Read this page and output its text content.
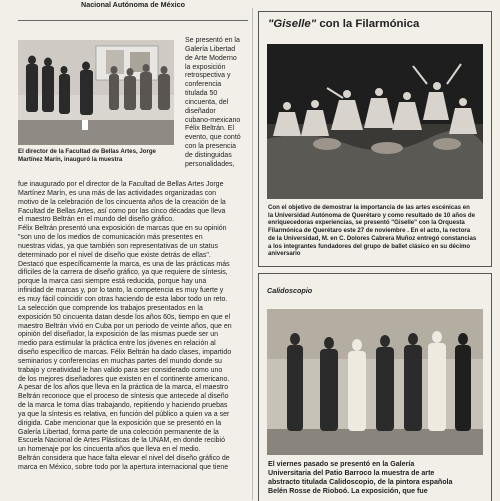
Nacional Autónoma de México
El director de la Facultad de Bellas Artes, Jorge Martínez Marín, inauguró la muestra
Se presentó en la
Galería Libertad
de Arte Moderno
la exposición
retrospectiva y
conferencia
titulada 50
cincuenta, del
diseñador
cubano-mexicano
Félix Beltrán. El
evento, que contó
con la presencia
de distinguidas
personalidades,
fue inaugurado por el director de la Facultad de Bellas Artes Jorge
Martínez Marín, es una más de las actividades organizadas con
motivo de la celebración de los cincuenta años de la creación de la
Facultad de Bellas Artes, así como por las cinco décadas que lleva
el maestro Beltrán en el mundo del diseño gráfico.
Félix Beltrán presentó una exposición de marcas que en su opinión
"son uno de los medios de comunicación más presentes en
nuestras vidas, ya que también son representativas de un status
determinado por el nivel de diseño que existe detrás de ellas".
Destacó que específicamente la marca, es una de las prácticas más
difíciles de la carrera de diseño gráfico, ya que requiere de síntesis,
porque la marca casi siempre está reducida, porque hay una
infinidad de marcas y, por lo tanto, la competencia es muy fuerte y
es muy fácil coincidir con otras haciendo de esta labor todo un reto.
La selección que comprende los trabajos presentados en la
exposición 50 cincuenta datan desde los años 60s, tiempo en que el
maestro Beltrán vivió en Cuba por un periodo de veinte años, que en
opinión del diseñador, la exposición de las mismas puede ser un
medio para estimular la práctica entre los jóvenes en relación al
diseño específico de marcas. Félix Beltrán ha dado clases, impartido
seminarios y conferencias en muchas partes del mundo donde su
trabajo y creatividad le han valido para ser considerado como uno
de los mejores diseñadores que existen en el continente americano.
A pesar de los años que lleva en la práctica de la marca, el maestro
Beltrán reconoce que el proceso de síntesis que antecede al diseño
de la marca le toma días trabajando, repitiendo y haciendo pruebas
ya que la síntesis es relativa, en función del público a quien va a ser
dirigida. Cabe mencionar que la exposición que se presentó en la
Galería Libertad, forma parte de una colección permanente de la
Escuela Nacional de Artes Plásticas de la UNAM, en donde recibió
un homenaje por los cincuenta años que lleva en el medio.
Beltrán considera que hace falta elevar el nivel del diseño gráfico de
marca en México, sobre todo por la apertura internacional que tiene
"Giselle" con la Filarmónica
Con el objetivo de demostrar la importancia de las artes escénicas en
la Universidad Autónoma de Querétaro y como resultado de 10 años de
enriquecedoras experiencias, se presentó "Giselle" con la Orquesta
Filarmónica de Querétaro este 27 de noviembre . En el acto, la rectora
de la Universidad, M. en C. Dolores Cabrera Muñoz entregó constancias
a los integrantes fundadores del grupo de ballet clásico en su décimo
aniversario
Calidoscopio
El viernes pasado se presentó en la Galería
Universitaria del Patio Barroco la muestra de arte
abstracto titulada Calidoscopio, de la pintora española
Belén Rosse de Rioboó. La exposición, que fue
